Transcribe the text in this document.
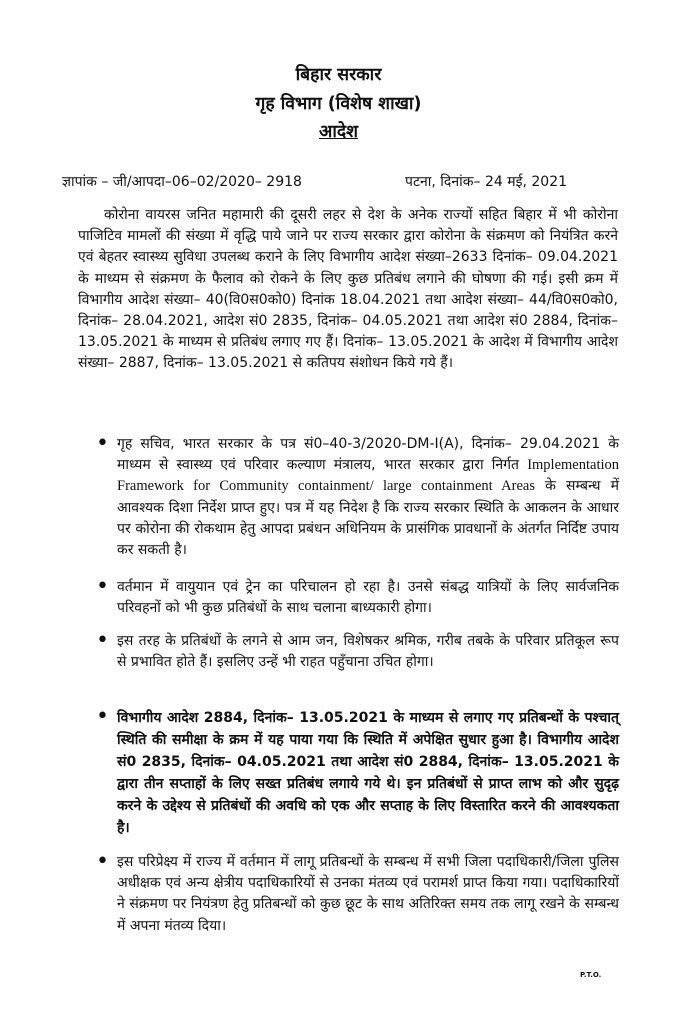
बिहार सरकार
गृह विभाग (विशेष शाखा)
आदेश
ज्ञापांक – जी/आपदा–06–02/2020– 2918	पटना, दिनांक– 24 मई, 2021
कोरोना वायरस जनित महामारी की दूसरी लहर से देश के अनेक राज्यों सहित बिहार में भी कोरोना पाजिटिव मामलों की संख्या में वृद्धि पाये जाने पर राज्य सरकार द्वारा कोरोना के संक्रमण को नियंत्रित करने एवं बेहतर स्वास्थ्य सुविधा उपलब्ध कराने के लिए विभागीय आदेश संख्या–2633 दिनांक– 09.04.2021 के माध्यम से संक्रमण के फैलाव को रोकने के लिए कुछ प्रतिबंध लगाने की घोषणा की गई। इसी क्रम में विभागीय आदेश संख्या– 40(वि0स0को0) दिनांक 18.04.2021 तथा आदेश संख्या– 44/वि0स0को0, दिनांक– 28.04.2021, आदेश सं0 2835, दिनांक– 04.05.2021 तथा आदेश सं0 2884, दिनांक– 13.05.2021 के माध्यम से प्रतिबंध लगाए गए हैं। दिनांक– 13.05.2021 के आदेश में विभागीय आदेश संख्या– 2887, दिनांक– 13.05.2021 से कतिपय संशोधन किये गये हैं।
• गृह सचिव, भारत सरकार के पत्र सं0–40-3/2020-DM-I(A), दिनांक– 29.04.2021 के माध्यम से स्वास्थ्य एवं परिवार कल्याण मंत्रालय, भारत सरकार द्वारा निर्गत Implementation Framework for Community containment/ large containment Areas के सम्बन्ध में आवश्यक दिशा निर्देश प्राप्त हुए। पत्र में यह निदेश है कि राज्य सरकार स्थिति के आकलन के आधार पर कोरोना की रोकथाम हेतु आपदा प्रबंधन अधिनियम के प्रासंगिक प्रावधानों के अंतर्गत निर्दिष्ट उपाय कर सकती है।
• वर्तमान में वायुयान एवं ट्रेन का परिचालन हो रहा है। उनसे संबद्ध यात्रियों के लिए सार्वजनिक परिवहनों को भी कुछ प्रतिबंधों के साथ चलाना बाध्यकारी होगा।
• इस तरह के प्रतिबंधों के लगने से आम जन, विशेषकर श्रमिक, गरीब तबके के परिवार प्रतिकूल रूप से प्रभावित होते हैं। इसलिए उन्हें भी राहत पहुँचाना उचित होगा।
• विभागीय आदेश 2884, दिनांक– 13.05.2021 के माध्यम से लगाए गए प्रतिबन्धों के पश्चात् स्थिति की समीक्षा के क्रम में यह पाया गया कि स्थिति में अपेक्षित सुधार हुआ है। विभागीय आदेश सं0 2835, दिनांक– 04.05.2021 तथा आदेश सं0 2884, दिनांक– 13.05.2021 के द्वारा तीन सप्ताहों के लिए सख्त प्रतिबंध लगाये गये थे। इन प्रतिबंधों से प्राप्त लाभ को और सुदृढ़ करने के उद्देश्य से प्रतिबंधों की अवधि को एक और सप्ताह के लिए विस्तारित करने की आवश्यकता है।
• इस परिप्रेक्ष्य में राज्य में वर्तमान में लागू प्रतिबन्धों के सम्बन्ध में सभी जिला पदाधिकारी/जिला पुलिस अधीक्षक एवं अन्य क्षेत्रीय पदाधिकारियों से उनका मंतव्य एवं परामर्श प्राप्त किया गया। पदाधिकारियों ने संक्रमण पर नियंत्रण हेतु प्रतिबन्धों को कुछ छूट के साथ अतिरिक्त समय तक लागू रखने के सम्बन्ध में अपना मंतव्य दिया।
P.T.O.
